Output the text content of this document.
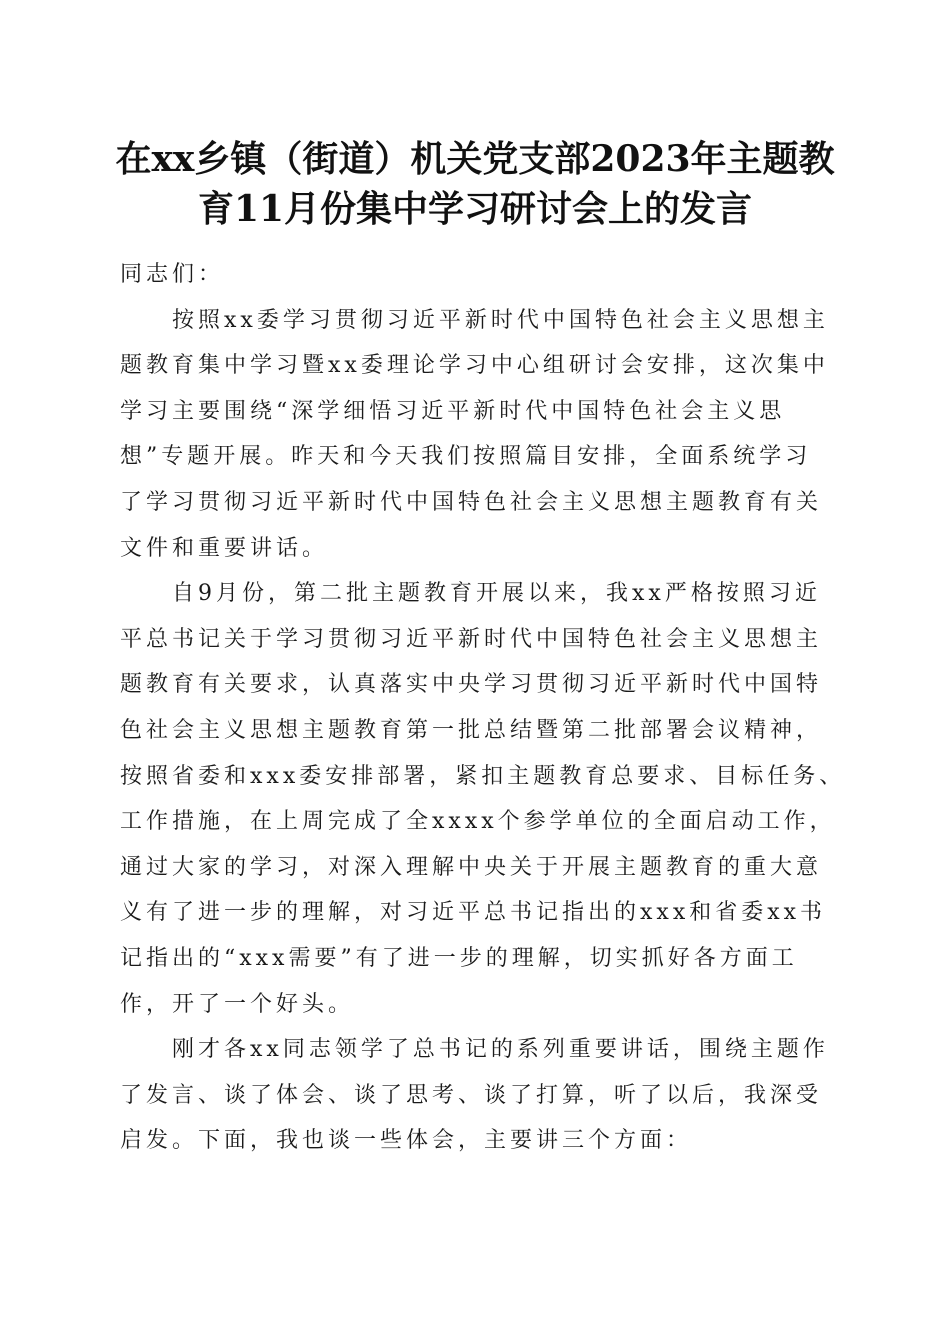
在xx乡镇（街道）机关党支部2023年主题教
育11月份集中学习研讨会上的发言
同志们：
按照xx委学习贯彻习近平新时代中国特色社会主义思想主
题教育集中学习暨xx委理论学习中心组研讨会安排，这次集中
学习主要围绕“深学细悟习近平新时代中国特色社会主义思
想”专题开展。昨天和今天我们按照篇目安排，全面系统学习
了学习贯彻习近平新时代中国特色社会主义思想主题教育有关
文件和重要讲话。
自9月份，第二批主题教育开展以来，我xx严格按照习近
平总书记关于学习贯彻习近平新时代中国特色社会主义思想主
题教育有关要求，认真落实中央学习贯彻习近平新时代中国特
色社会主义思想主题教育第一批总结暨第二批部署会议精神，
按照省委和xxx委安排部署，紧扣主题教育总要求、目标任务、
工作措施，在上周完成了全xxxx个参学单位的全面启动工作，
通过大家的学习，对深入理解中央关于开展主题教育的重大意
义有了进一步的理解，对习近平总书记指出的xxx和省委xx书
记指出的“xxx需要”有了进一步的理解，切实抓好各方面工
作，开了一个好头。
刚才各xx同志领学了总书记的系列重要讲话，围绕主题作
了发言、谈了体会、谈了思考、谈了打算，听了以后，我深受
启发。下面，我也谈一些体会，主要讲三个方面：
